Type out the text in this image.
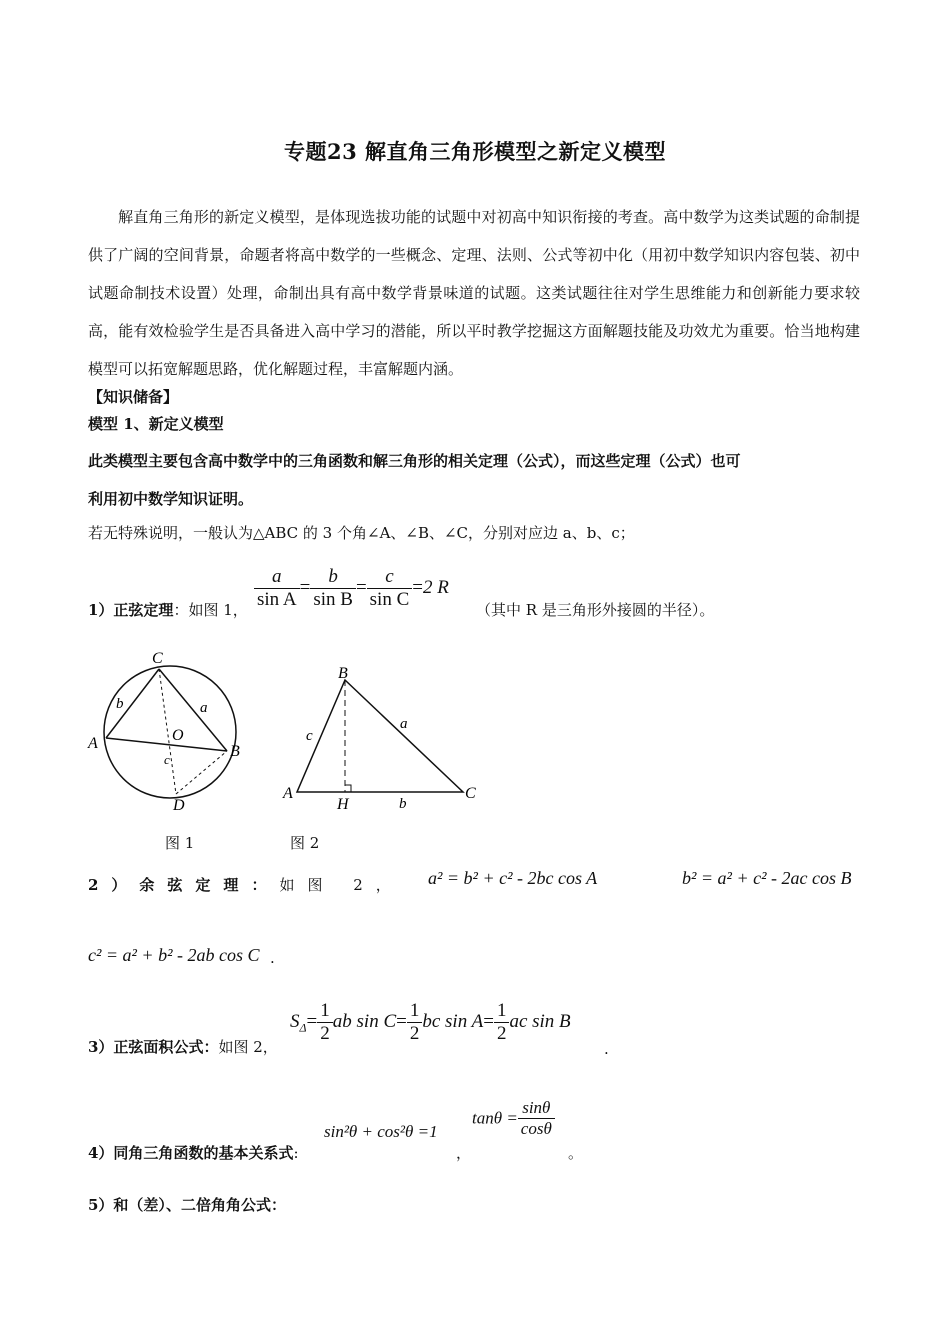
专题23 解直角三角形模型之新定义模型
解直角三角形的新定义模型，是体现选拔功能的试题中对初高中知识衔接的考查。高中数学为这类试题的命制提供了广阔的空间背景，命题者将高中数学的一些概念、定理、法则、公式等初中化（用初中数学知识内容包装、初中试题命制技术设置）处理，命制出具有高中数学背景味道的试题。这类试题往往对学生思维能力和创新能力要求较高，能有效检验学生是否具备进入高中学习的潜能，所以平时教学挖掘这方面解题技能及功效尤为重要。恰当地构建模型可以拓宽解题思路，优化解题过程，丰富解题内涵。
【知识储备】
模型 1、新定义模型
此类模型主要包含高中数学中的三角函数和解三角形的相关定理（公式），而这些定理（公式）也可
利用初中数学知识证明。
若无特殊说明，一般认为△ABC 的 3 个角∠A、∠B、∠C，分别对应边 a、b、c；
1）正弦定理：如图 1， $\frac{a}{\text{sin A}} = \frac{b}{\text{sin B}} = \frac{c}{\text{sin C}} =2$ R
（其中 R 是三角形外接圆的半径）。
C
b	a
A	O
B
c
D
B
c
a
A
H	b
C
图 1	图 2
2）余弦定理：如图 2， a² = b² + c² - 2bc cos A	b² = a² + c² - 2ac cos B
c² = a² + b² - 2ab cos C .
3）正弦面积公式：如图 2，
$S_\Delta= \frac{1}{2}$ ab $\sin C= \frac{1}{2}$ bc $\sin A= \frac{1}{2}$ ac sin B
.
4）同角三角函数的基本关系式:
sin²θ + cos²θ =1
，
$\tan\theta = \frac{\sin\theta}{\cos\theta}$
。
5）和（差）、二倍角角公式：
